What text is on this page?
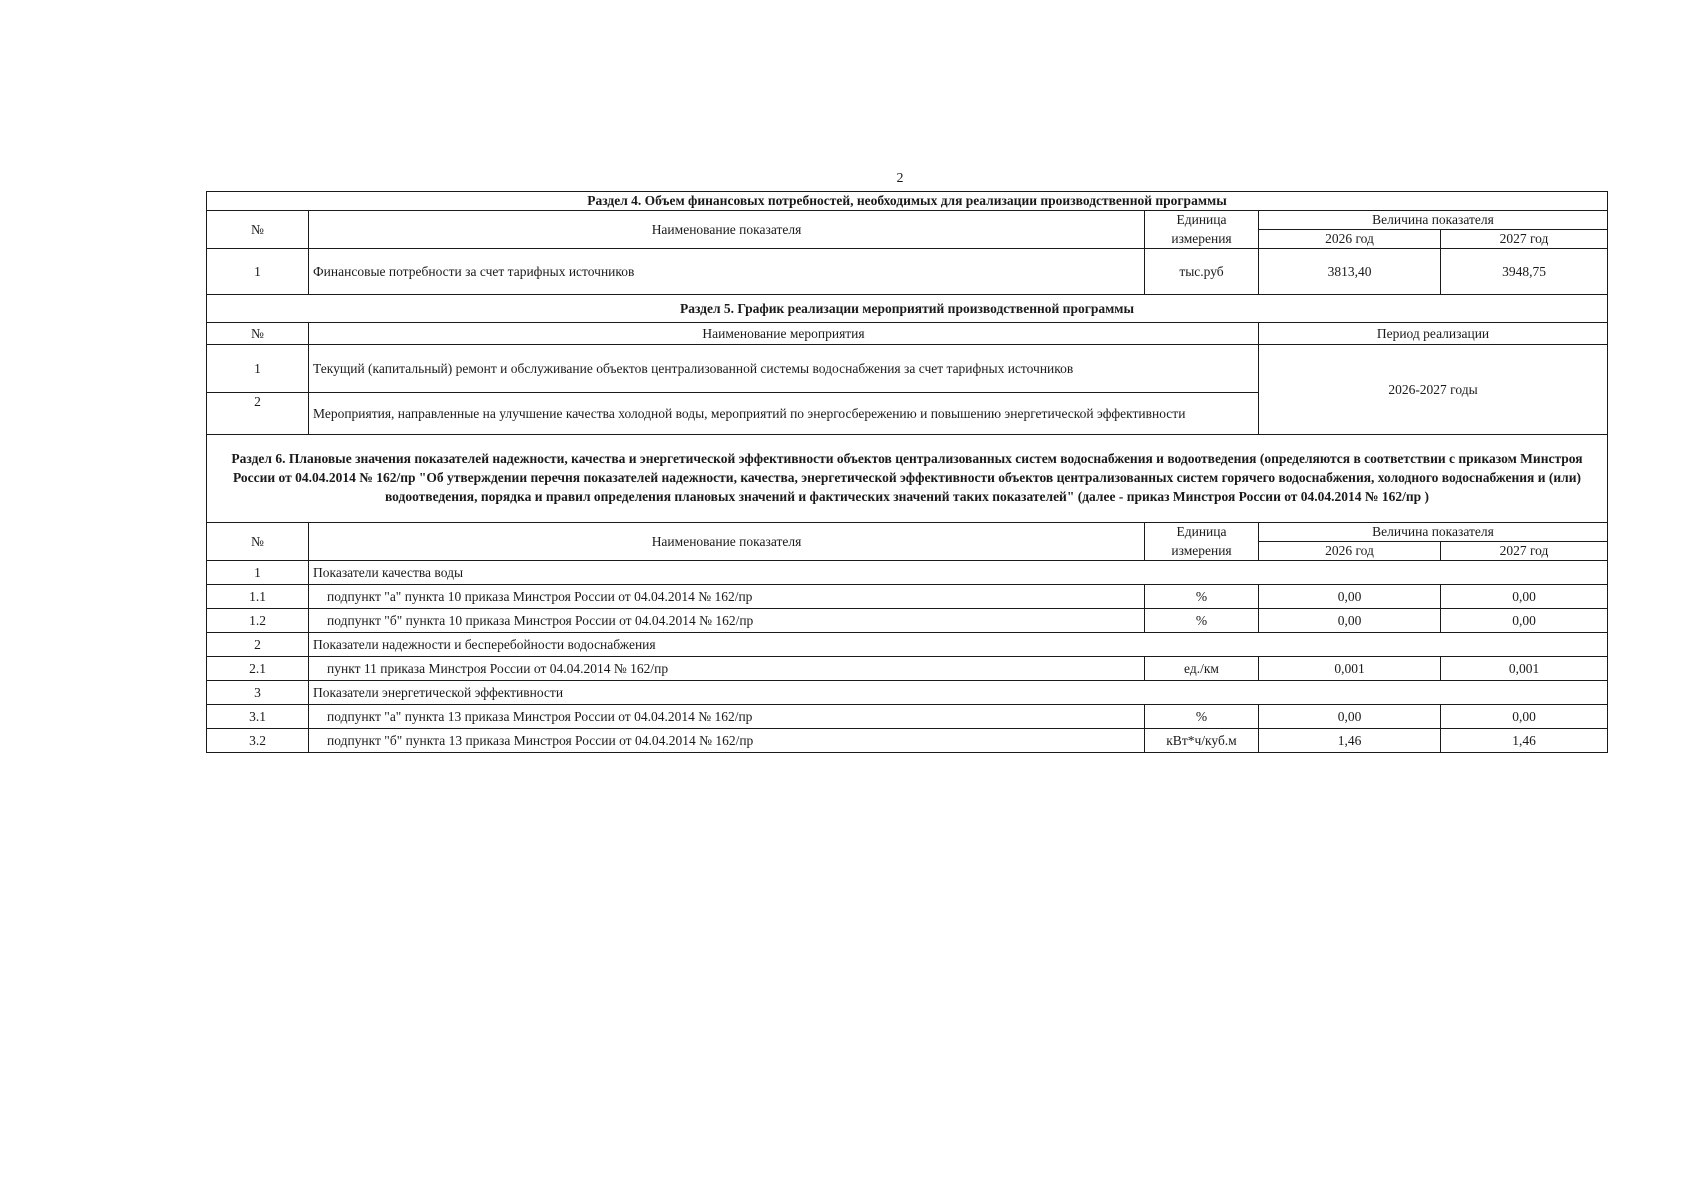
2
Раздел 4. Объем финансовых потребностей, необходимых для реализации производственной программы				
№	Наименование показателя	Единица	Величина показателя	
		измерения	2026 год	2027 год
1	Финансовые потребности за счет тарифных источников	тыс.руб	3813,40	3948,75
Раздел 5. График реализации мероприятий производственной программы				
№	Наименование мероприятия		Период реализации	
1	Текущий (капитальный) ремонт и обслуживание объектов централизованной системы водоснабжения за счет тарифных источников		2026-2027 годы	
2	Мероприятия, направленные на улучшение качества холодной воды, мероприятий по энергосбережению и повышению энергетической эффективности			
Раздел 6. Плановые значения показателей надежности, качества и энергетической эффективности объектов централизованных систем водоснабжения и водоотведения (определяются в соответствии с приказом Минстроя России от 04.04.2014 № 162/пр "Об утверждении перечня показателей надежности, качества, энергетической эффективности объектов централизованных систем горячего водоснабжения, холодного водоснабжения и (или) водоотведения, порядка и правил определения плановых значений и фактических значений таких показателей" (далее - приказ Минстроя России от 04.04.2014 № 162/пр )				
№	Наименование показателя	Единица	Величина показателя	
		измерения	2026 год	2027 год
1	Показатели качества воды			
1.1	подпункт "а" пункта 10 приказа Минстроя России от 04.04.2014 № 162/пр	%	0,00	0,00
1.2	подпункт "б" пункта 10 приказа Минстроя России от 04.04.2014 № 162/пр	%	0,00	0,00
2	Показатели надежности и бесперебойности водоснабжения			
2.1	пункт 11 приказа Минстроя России от 04.04.2014 № 162/пр	ед./км	0,001	0,001
3	Показатели энергетической эффективности			
3.1	подпункт "а" пункта 13 приказа Минстроя России от 04.04.2014 № 162/пр	%	0,00	0,00
3.2	подпункт "б" пункта 13 приказа Минстроя России от 04.04.2014 № 162/пр	кВт*ч/куб.м	1,46	1,46
